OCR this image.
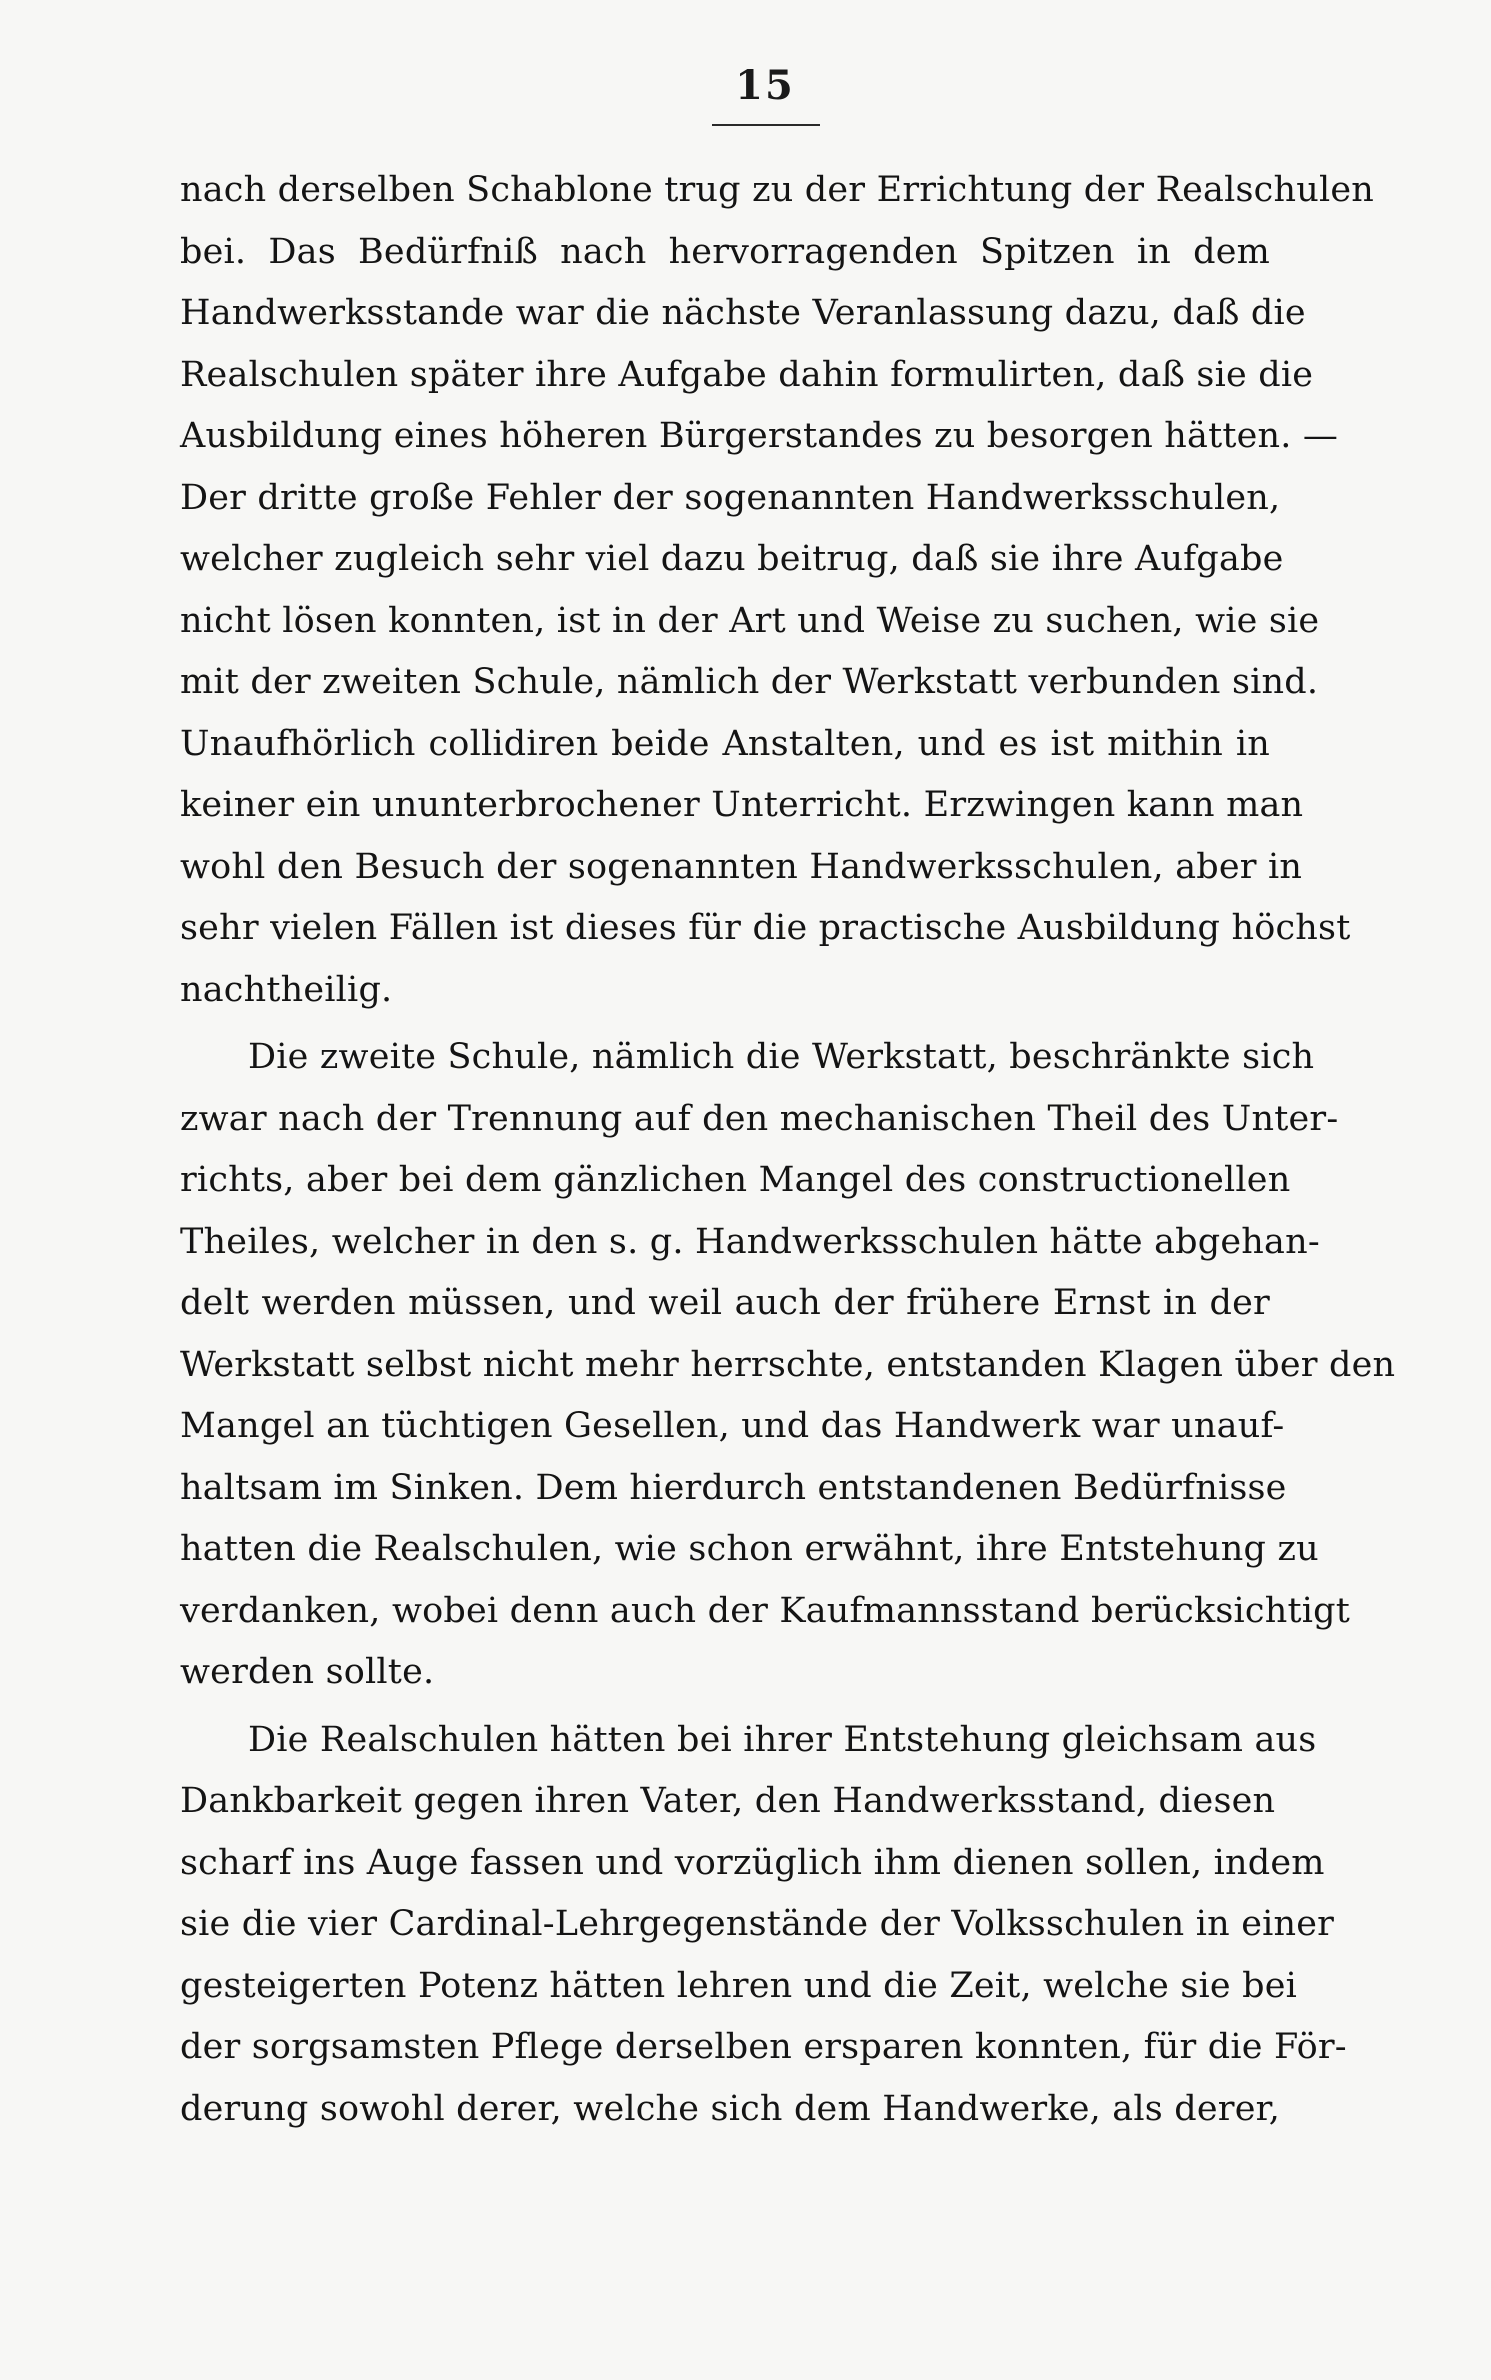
15
nach derselben Schablone trug zu der Errichtung der Realschulen
bei. Das Bedürfniß nach hervorragenden Spitzen in dem
Handwerksstande war die nächste Veranlassung dazu, daß die
Realschulen später ihre Aufgabe dahin formulirten, daß sie die
Ausbildung eines höheren Bürgerstandes zu besorgen hätten. —
Der dritte große Fehler der sogenannten Handwerksschulen,
welcher zugleich sehr viel dazu beitrug, daß sie ihre Aufgabe
nicht lösen konnten, ist in der Art und Weise zu suchen, wie sie
mit der zweiten Schule, nämlich der Werkstatt verbunden sind.
Unaufhörlich collidiren beide Anstalten, und es ist mithin in
keiner ein ununterbrochener Unterricht. Erzwingen kann man
wohl den Besuch der sogenannten Handwerksschulen, aber in
sehr vielen Fällen ist dieses für die practische Ausbildung höchst
nachtheilig.
Die zweite Schule, nämlich die Werkstatt, beschränkte sich
zwar nach der Trennung auf den mechanischen Theil des Unter-
richts, aber bei dem gänzlichen Mangel des constructionellen
Theiles, welcher in den s. g. Handwerksschulen hätte abgehan-
delt werden müssen, und weil auch der frühere Ernst in der
Werkstatt selbst nicht mehr herrschte, entstanden Klagen über den
Mangel an tüchtigen Gesellen, und das Handwerk war unauf-
haltsam im Sinken. Dem hierdurch entstandenen Bedürfnisse
hatten die Realschulen, wie schon erwähnt, ihre Entstehung zu
verdanken, wobei denn auch der Kaufmannsstand berücksichtigt
werden sollte.
Die Realschulen hätten bei ihrer Entstehung gleichsam aus
Dankbarkeit gegen ihren Vater, den Handwerksstand, diesen
scharf ins Auge fassen und vorzüglich ihm dienen sollen, indem
sie die vier Cardinal-Lehrgegenstände der Volksschulen in einer
gesteigerten Potenz hätten lehren und die Zeit, welche sie bei
der sorgsamsten Pflege derselben ersparen konnten, für die För-
derung sowohl derer, welche sich dem Handwerke, als derer,
